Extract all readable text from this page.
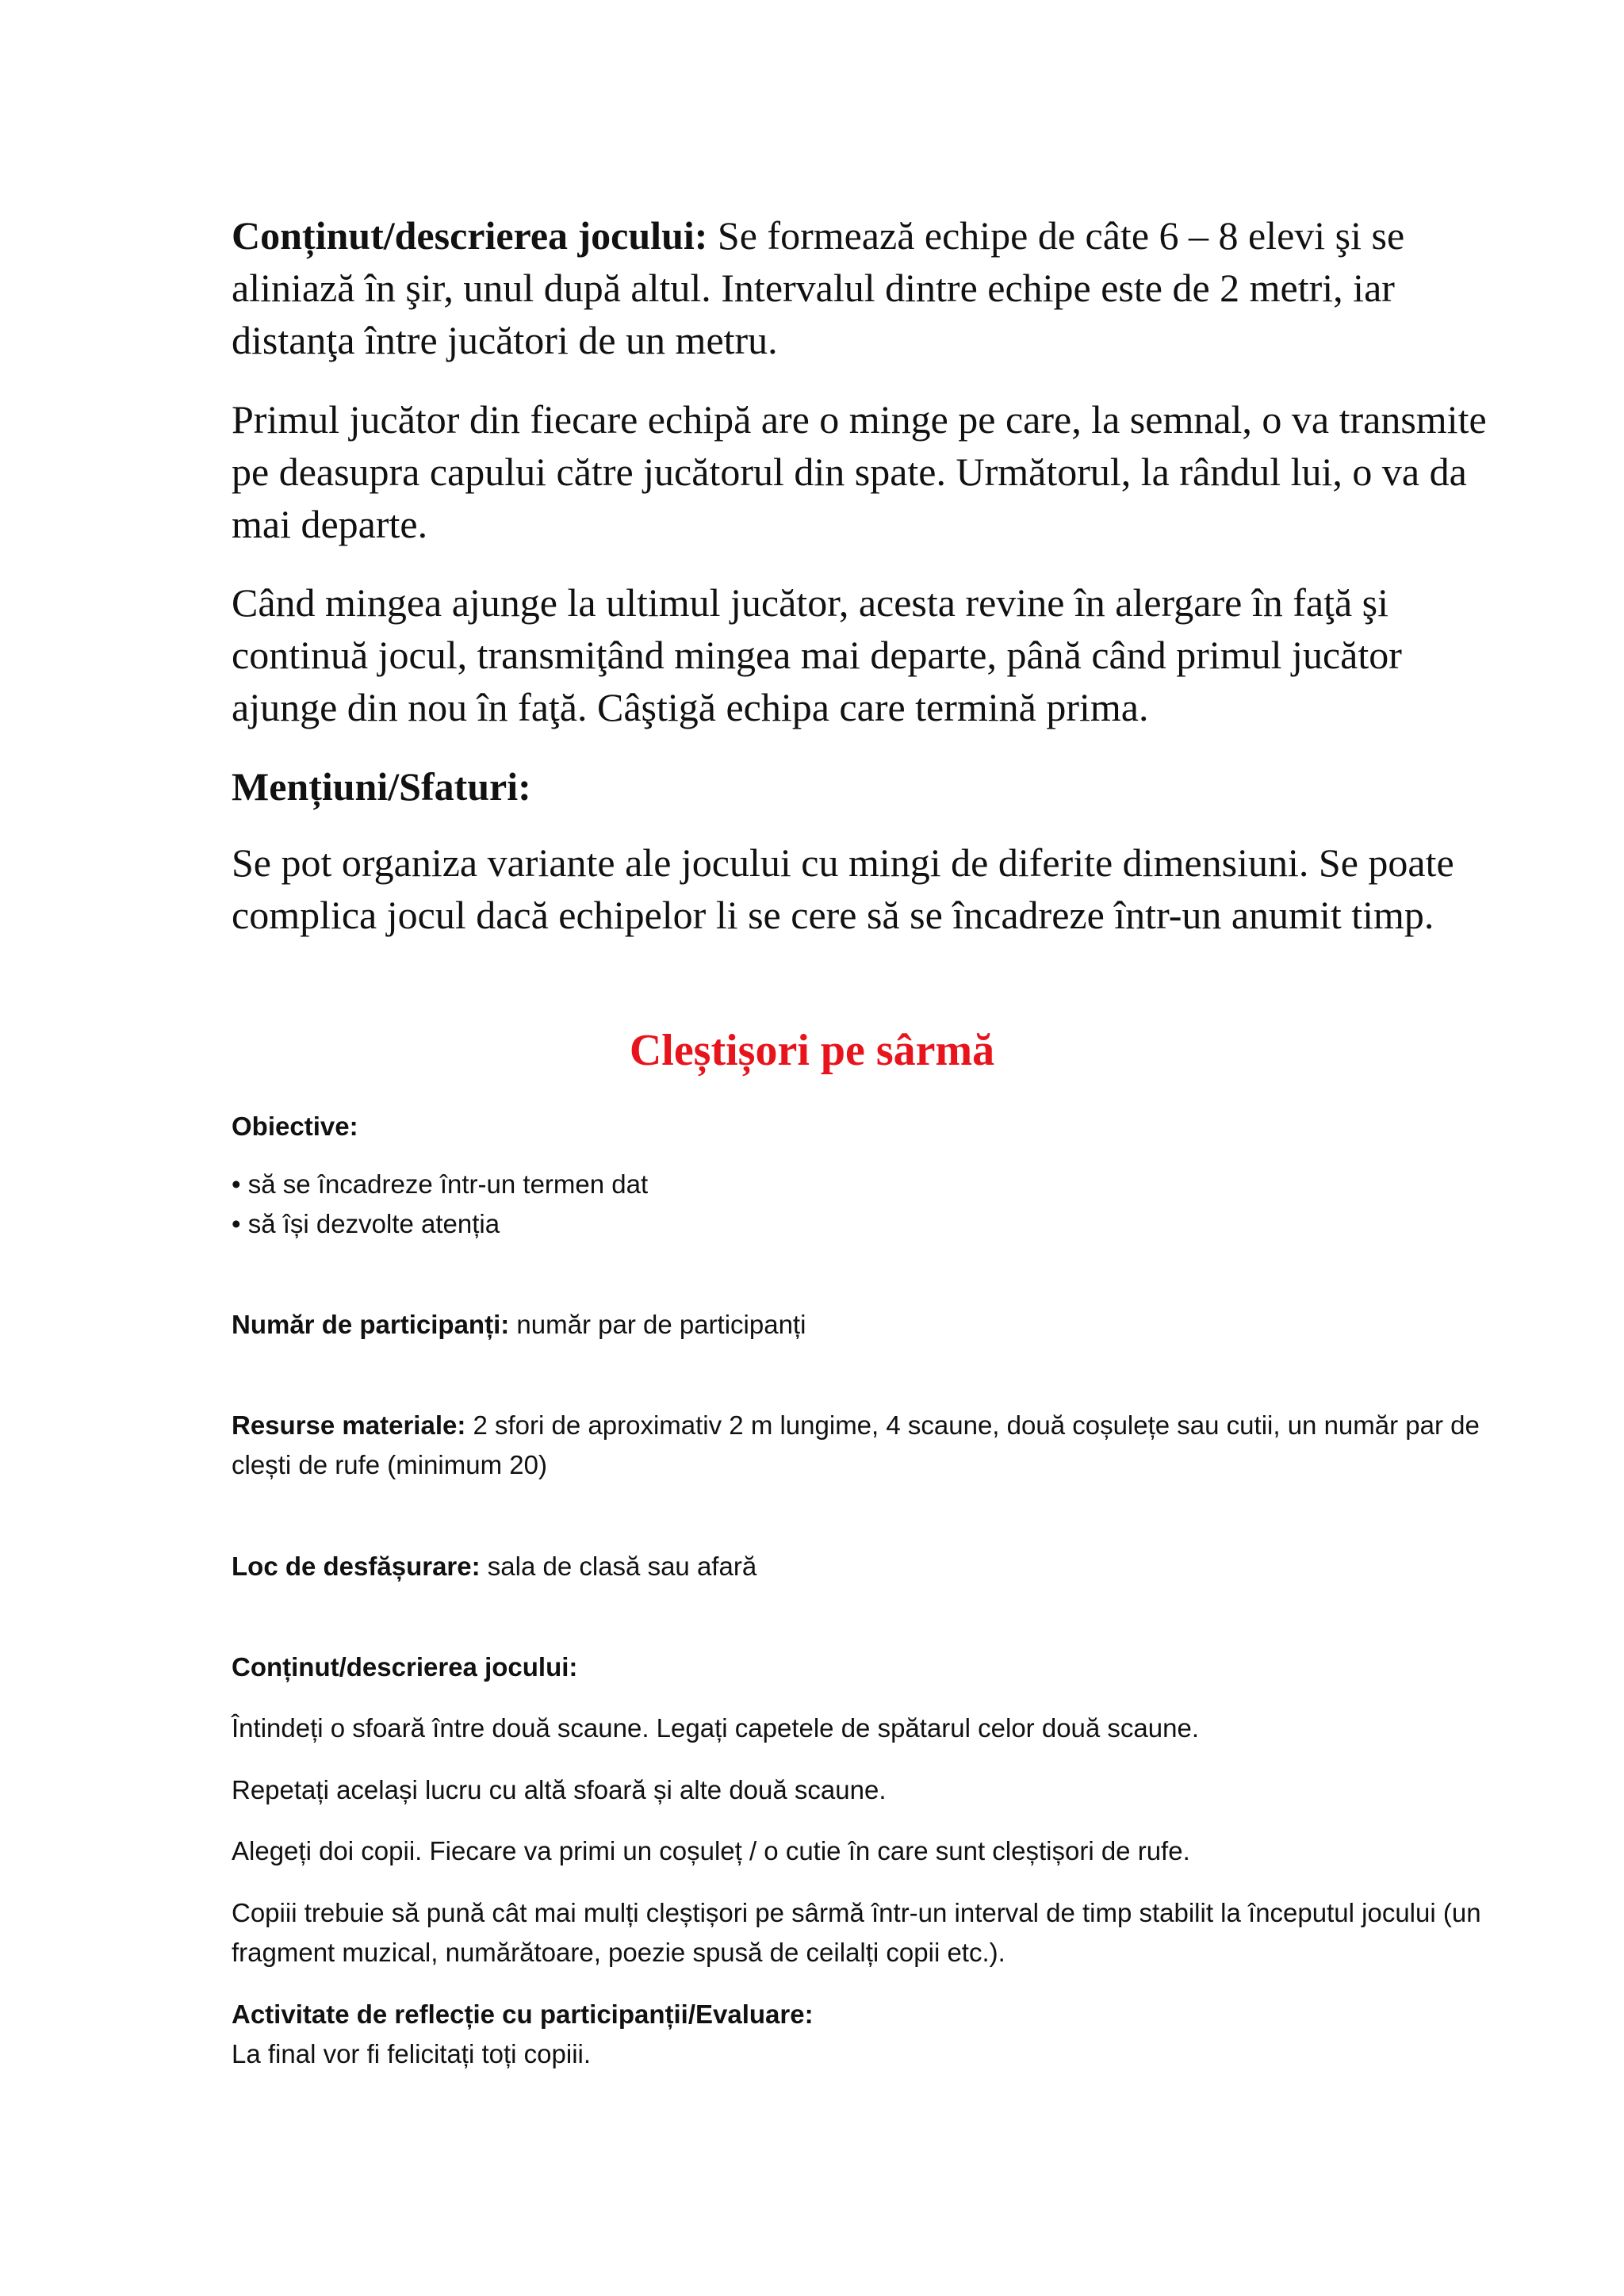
Conținut/descrierea jocului: Se formează echipe de câte 6 – 8 elevi şi se aliniază în şir, unul după altul. Intervalul dintre echipe este de 2 metri, iar distanţa între jucători de un metru.

Primul jucător din fiecare echipă are o minge pe care, la semnal, o va transmite pe deasupra capului către jucătorul din spate. Următorul, la rândul lui, o va da mai departe.

Când mingea ajunge la ultimul jucător, acesta revine în alergare în faţă şi continuă jocul, transmiţând mingea mai departe, până când primul jucător ajunge din nou în faţă. Câştigă echipa care termină prima.

Mențiuni/Sfaturi:

Se pot organiza variante ale jocului cu mingi de diferite dimensiuni. Se poate complica jocul dacă echipelor li se cere să se încadreze într-un anumit timp.

Cleștișori pe sârmă

Obiective:

• să se încadreze într-un termen dat
• să își dezvolte atenția

Număr de participanți: număr par de participanți

Resurse materiale: 2 sfori de aproximativ 2 m lungime, 4 scaune, două coșulețe sau cutii, un număr par de clești de rufe (minimum 20)

Loc de desfășurare: sala de clasă sau afară

Conținut/descrierea jocului:

Întindeți o sfoară între două scaune. Legați capetele de spătarul celor două scaune.

Repetați același lucru cu altă sfoară și alte două scaune.

Alegeți doi copii. Fiecare va primi un coșuleț / o cutie în care sunt cleștișori de rufe.

Copiii trebuie să pună cât mai mulți cleștișori pe sârmă într-un interval de timp stabilit la începutul jocului (un fragment muzical, numărătoare, poezie spusă de ceilalți copii etc.).

Activitate de reflecție cu participanții/Evaluare:

La final vor fi felicitați toți copiii.
